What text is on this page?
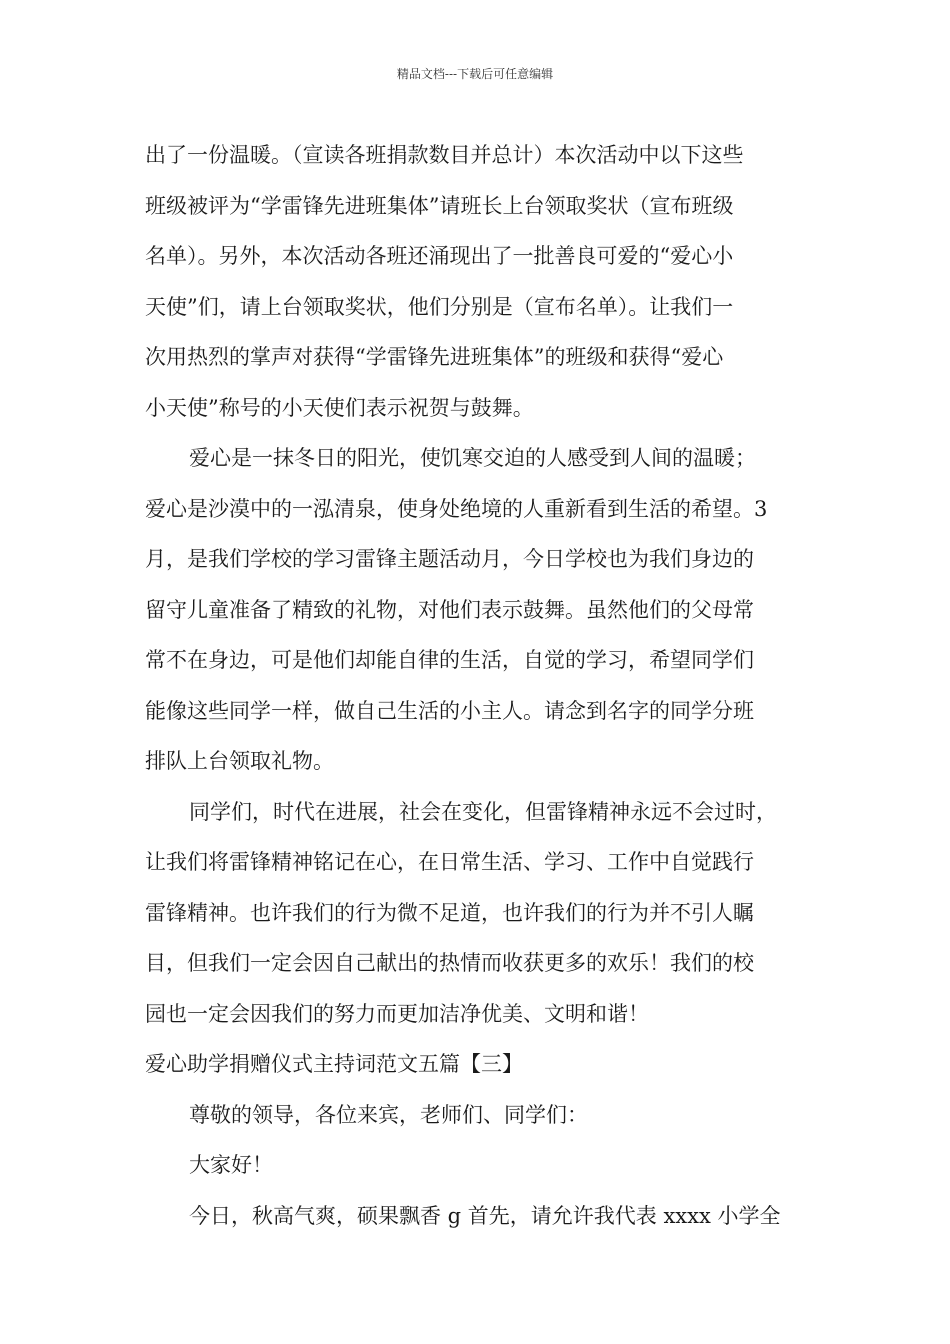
精品文档---下载后可任意编辑
出了一份温暖。（宣读各班捐款数目并总计）本次活动中以下这些
班级被评为“学雷锋先进班集体”请班长上台领取奖状（宣布班级
名单）。另外，本次活动各班还涌现出了一批善良可爱的“爱心小
天使”们，请上台领取奖状，他们分别是（宣布名单）。让我们一
次用热烈的掌声对获得“学雷锋先进班集体”的班级和获得“爱心
小天使”称号的小天使们表示祝贺与鼓舞。
爱心是一抹冬日的阳光，使饥寒交迫的人感受到人间的温暖；
爱心是沙漠中的一泓清泉，使身处绝境的人重新看到生活的希望。3
月，是我们学校的学习雷锋主题活动月，今日学校也为我们身边的
留守儿童准备了精致的礼物，对他们表示鼓舞。虽然他们的父母常
常不在身边，可是他们却能自律的生活，自觉的学习，希望同学们
能像这些同学一样，做自己生活的小主人。请念到名字的同学分班
排队上台领取礼物。
同学们，时代在进展，社会在变化，但雷锋精神永远不会过时，
让我们将雷锋精神铭记在心，在日常生活、学习、工作中自觉践行
雷锋精神。也许我们的行为微不足道，也许我们的行为并不引人瞩
目，但我们一定会因自己献出的热情而收获更多的欢乐！我们的校
园也一定会因我们的努力而更加洁净优美、文明和谐！
爱心助学捐赠仪式主持词范文五篇【三】
尊敬的领导，各位来宾，老师们、同学们：
大家好！
今日，秋高气爽，硕果飘香 g 首先，请允许我代表 xxxx 小学全
